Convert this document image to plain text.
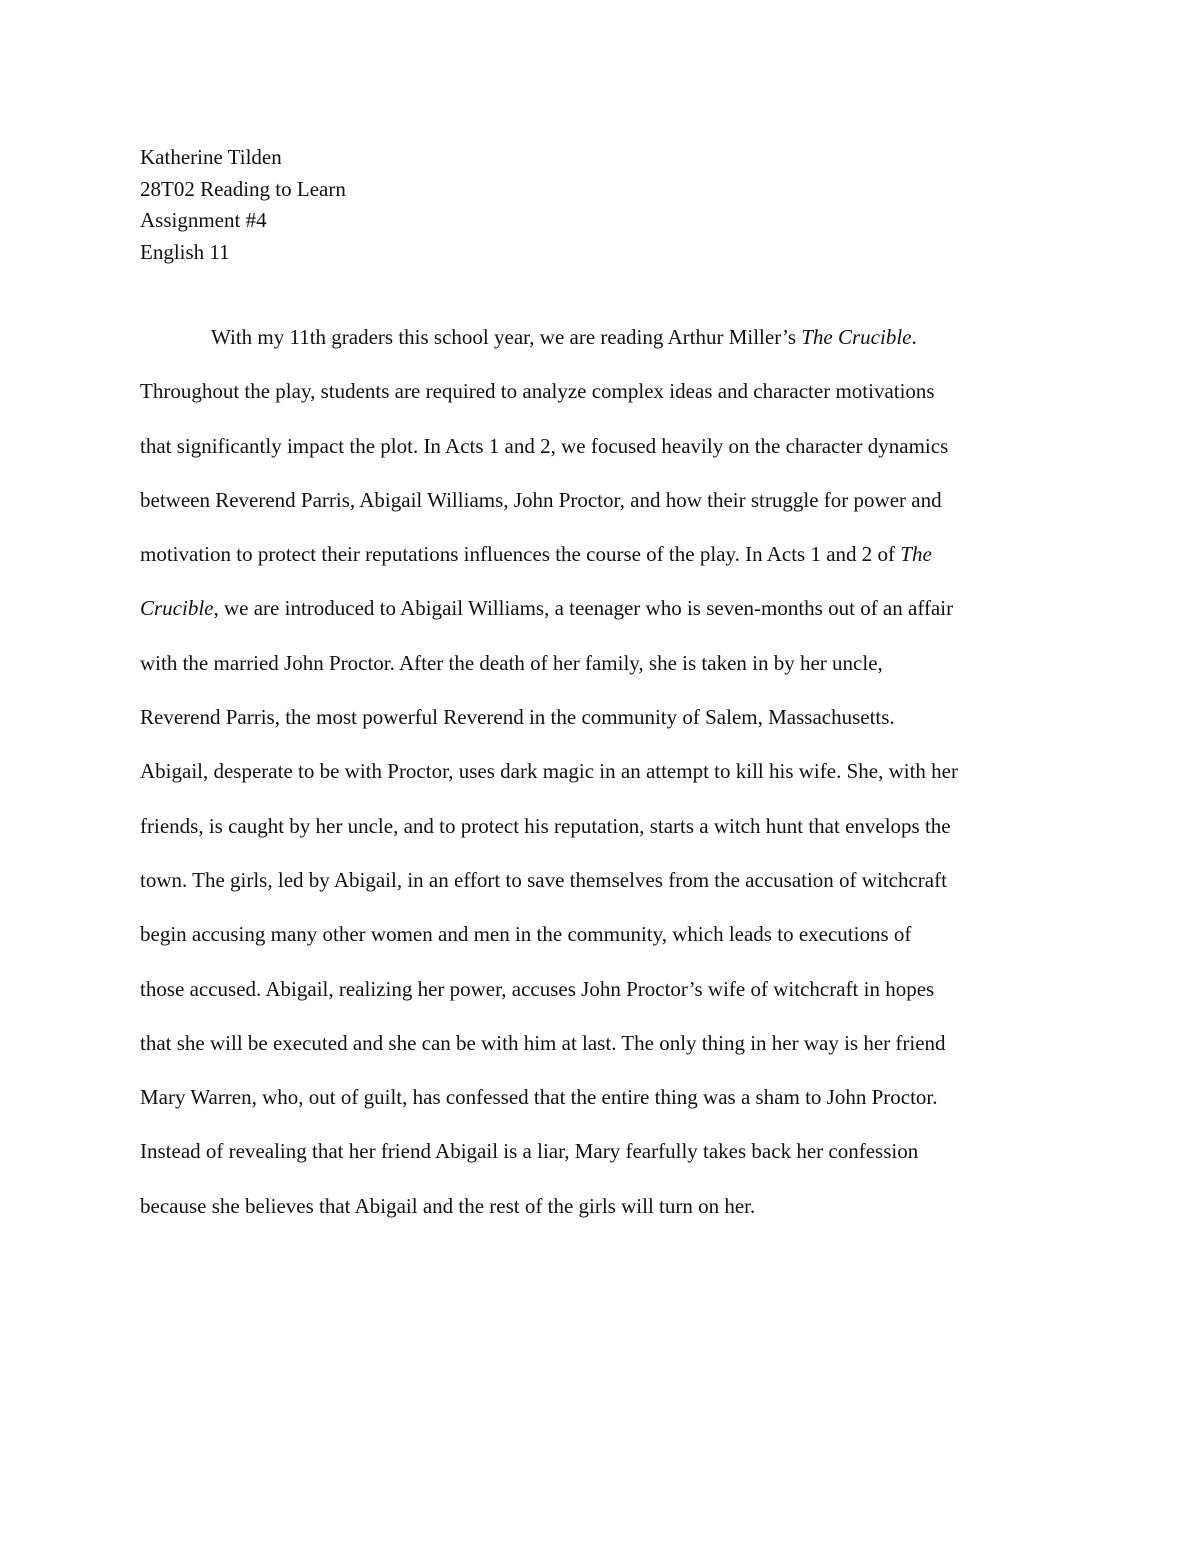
Katherine Tilden
28T02 Reading to Learn
Assignment #4
English 11
With my 11th graders this school year, we are reading Arthur Miller’s The Crucible.
Throughout the play, students are required to analyze complex ideas and character motivations
that significantly impact the plot. In Acts 1 and 2, we focused heavily on the character dynamics
between Reverend Parris, Abigail Williams, John Proctor, and how their struggle for power and
motivation to protect their reputations influences the course of the play. In Acts 1 and 2 of The
Crucible, we are introduced to Abigail Williams, a teenager who is seven-months out of an affair
with the married John Proctor. After the death of her family, she is taken in by her uncle,
Reverend Parris, the most powerful Reverend in the community of Salem, Massachusetts.
Abigail, desperate to be with Proctor, uses dark magic in an attempt to kill his wife. She, with her
friends, is caught by her uncle, and to protect his reputation, starts a witch hunt that envelops the
town. The girls, led by Abigail, in an effort to save themselves from the accusation of witchcraft
begin accusing many other women and men in the community, which leads to executions of
those accused. Abigail, realizing her power, accuses John Proctor’s wife of witchcraft in hopes
that she will be executed and she can be with him at last. The only thing in her way is her friend
Mary Warren, who, out of guilt, has confessed that the entire thing was a sham to John Proctor.
Instead of revealing that her friend Abigail is a liar, Mary fearfully takes back her confession
because she believes that Abigail and the rest of the girls will turn on her.
